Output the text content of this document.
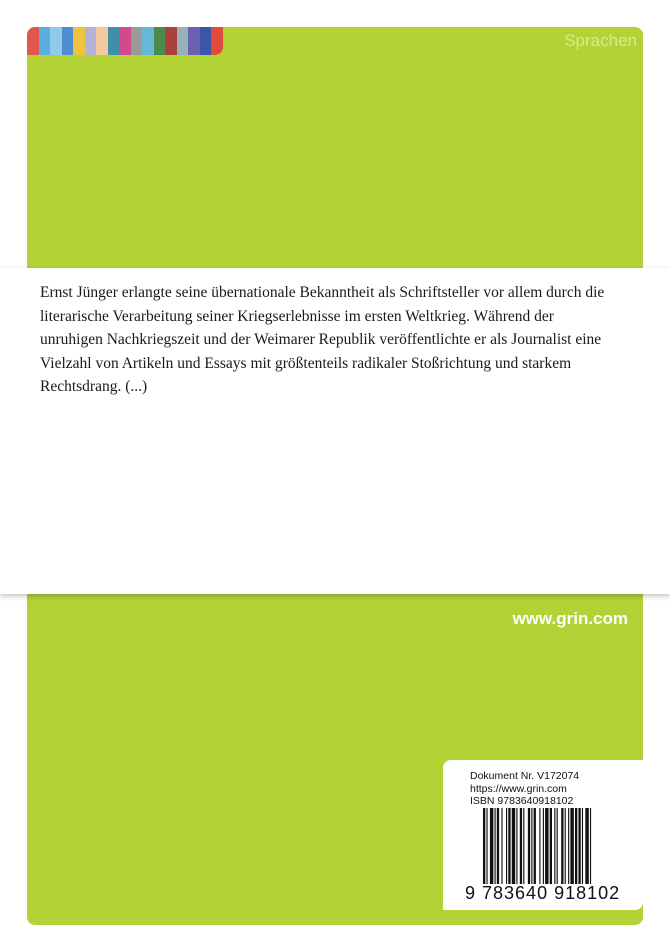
Sprachen

Ernst Jünger erlangte seine übernationale Bekanntheit als Schriftsteller vor allem durch die literarische Verarbeitung seiner Kriegserlebnisse im ersten Weltkrieg. Während der unruhigen Nachkriegszeit und der Weimarer Republik veröffentlichte er als Journalist eine Vielzahl von Artikeln und Essays mit größtenteils radikaler Stoßrichtung und starkem Rechtsdrang. (...)

www.grin.com
Dokument Nr. V172074
https://www.grin.com
ISBN 9783640918102
9 783640 918102
